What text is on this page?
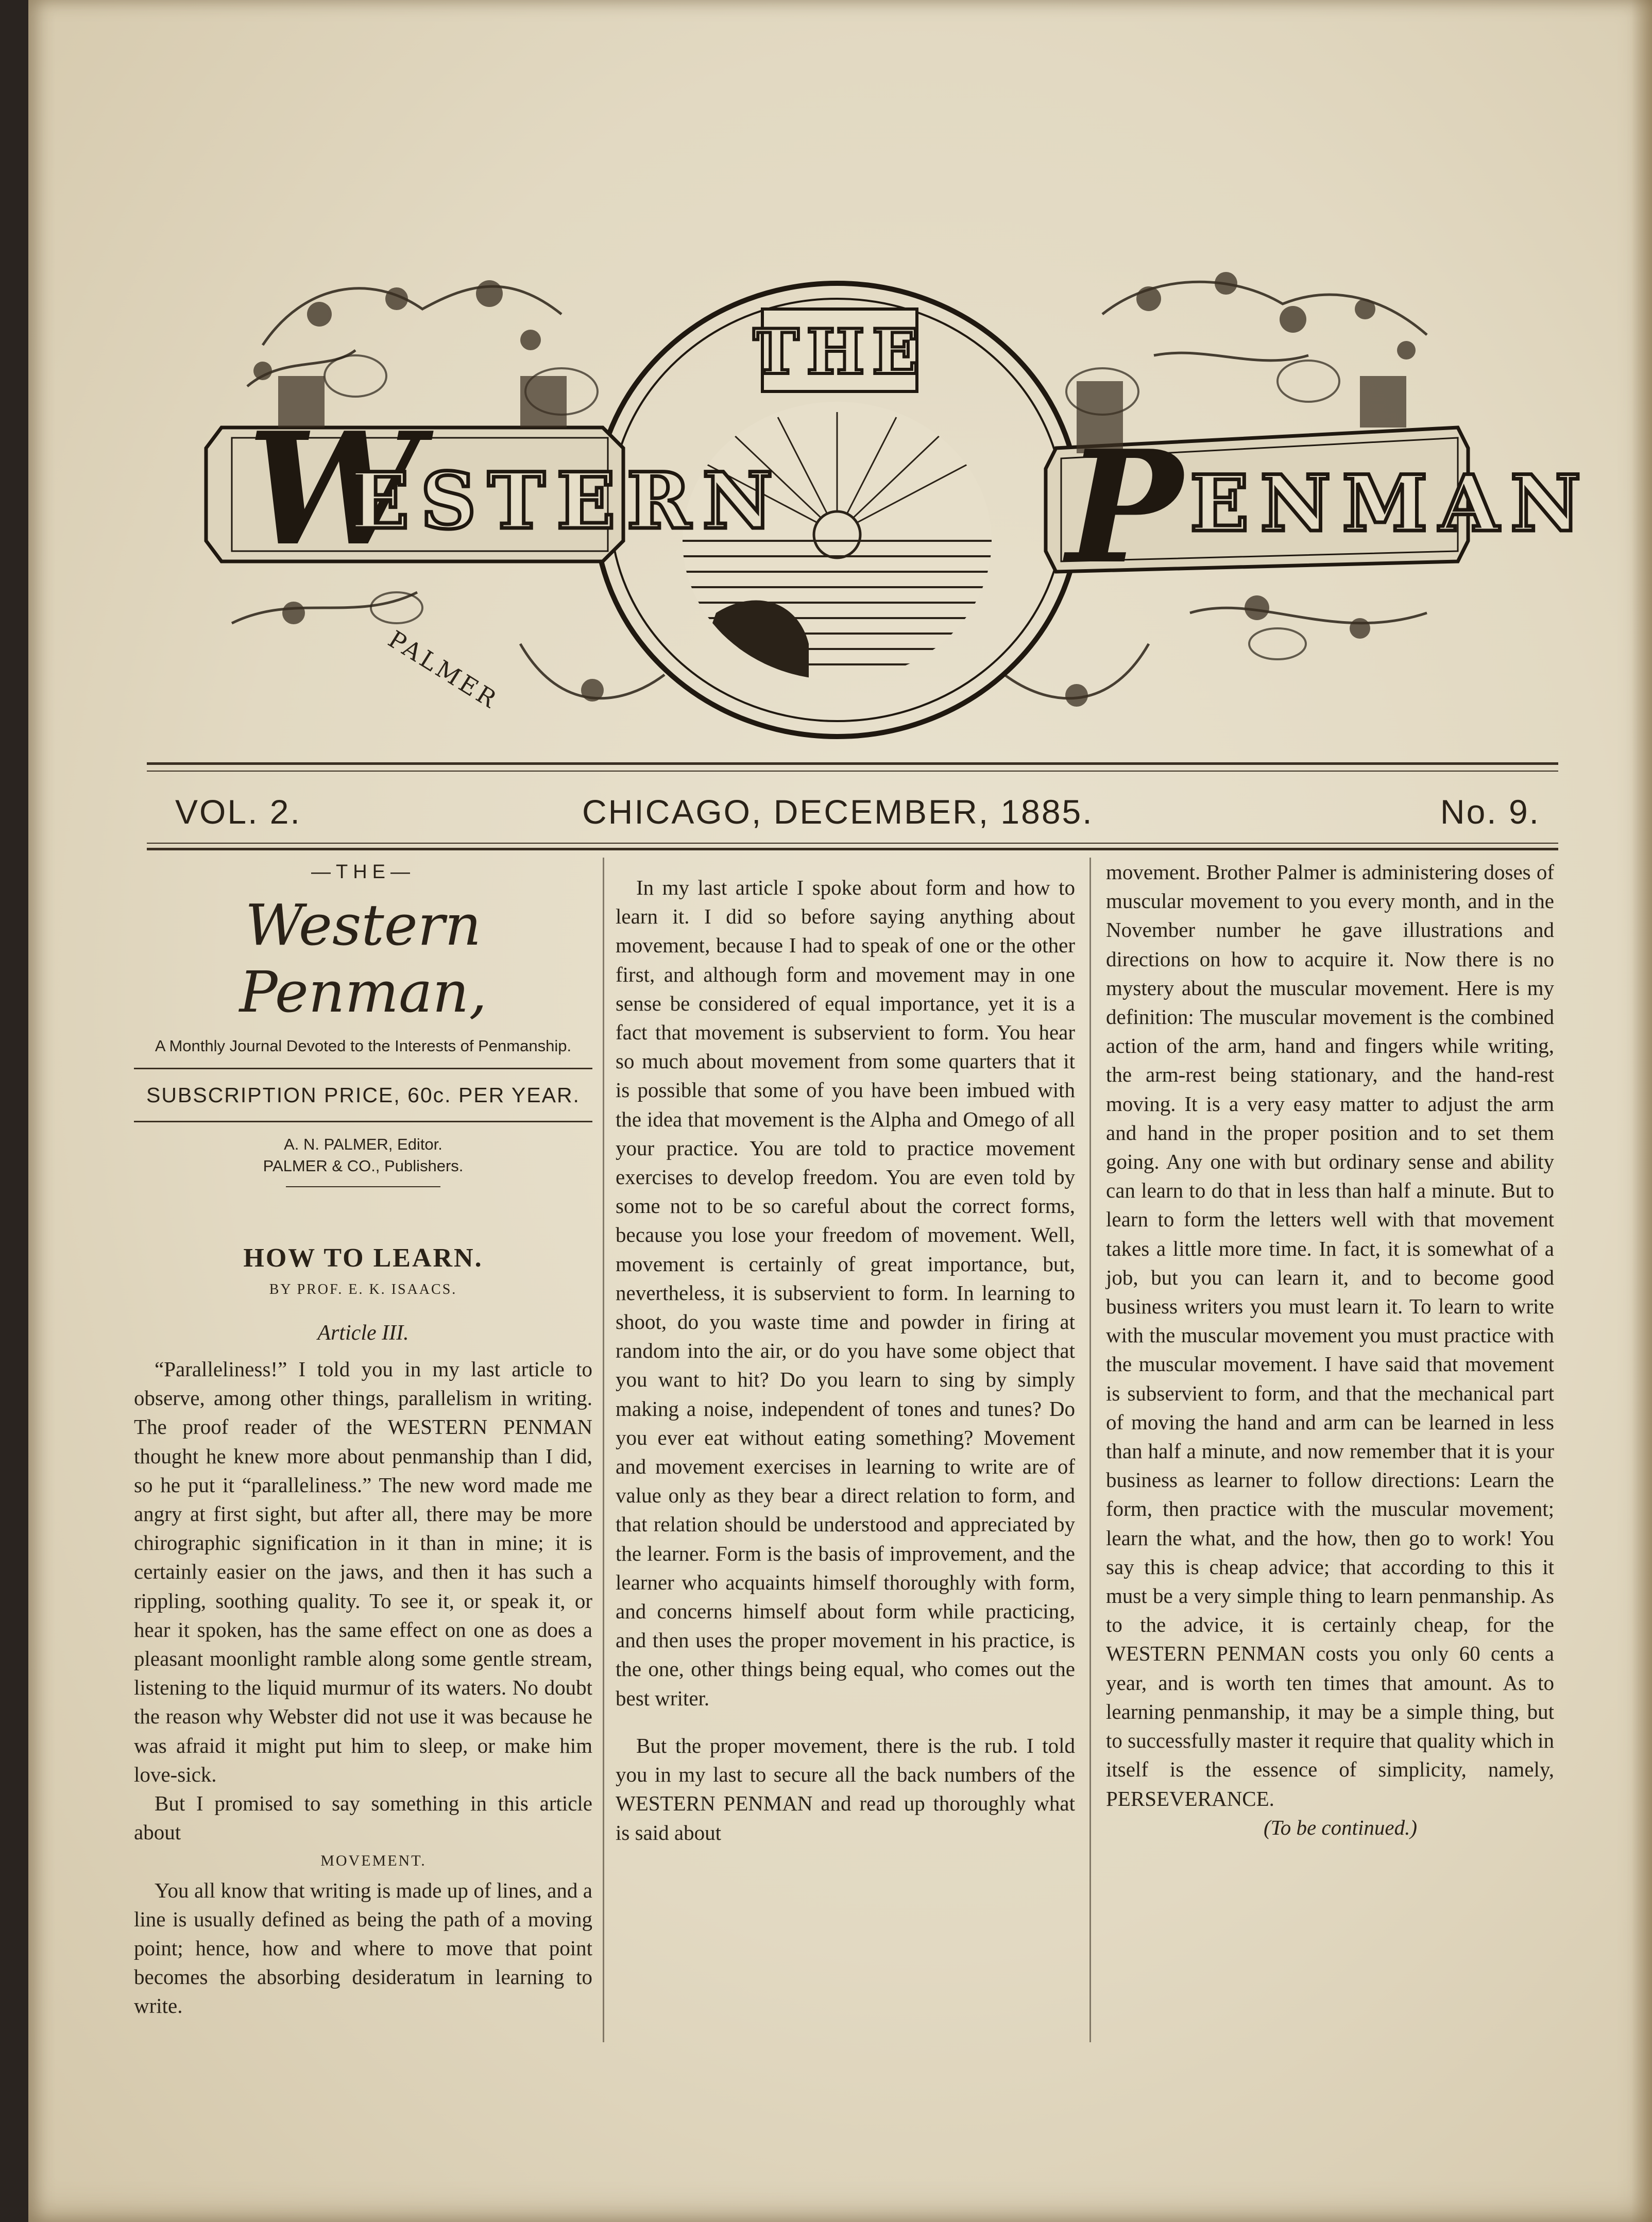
THE
W
ESTERN P ENMAN
PALMER
VOL. 2.	CHICAGO, DECEMBER, 1885.	No. 9.
—THE—
Western Penman,
A Monthly Journal Devoted to the Interests of Penmanship.
SUBSCRIPTION PRICE, 60c. PER YEAR.
A. N. PALMER, Editor.
PALMER & CO., Publishers.
HOW TO LEARN.
BY PROF. E. K. ISAACS.
Article III.

“Paralleliness!” I told you in my last article to observe, among other things, parallelism in writing. The proof reader of the WESTERN PENMAN thought he knew more about penmanship than I did, so he put it “paralleliness.” The new word made me angry at first sight, but after all, there may be more chirographic signification in it than in mine; it is certainly easier on the jaws, and then it has such a rippling, soothing quality. To see it, or speak it, or hear it spoken, has the same effect on one as does a pleasant moonlight ramble along some gentle stream, listening to the liquid murmur of its waters. No doubt the reason why Webster did not use it was because he was afraid it might put him to sleep, or make him love-sick.

But I promised to say something in this article about

MOVEMENT.

You all know that writing is made up of lines, and a line is usually defined as being the path of a moving point; hence, how and where to move that point becomes the absorbing desideratum in learning to write.

In my last article I spoke about form and how to learn it. I did so before saying anything about movement, because I had to speak of one or the other first, and although form and movement may in one sense be considered of equal importance, yet it is a fact that movement is subservient to form. You hear so much about movement from some quarters that it is possible that some of you have been imbued with the idea that movement is the Alpha and Omego of all your practice. You are told to practice movement exercises to develop freedom. You are even told by some not to be so careful about the correct forms, because you lose your freedom of movement. Well, movement is certainly of great importance, but, nevertheless, it is subservient to form. In learning to shoot, do you waste time and powder in firing at random into the air, or do you have some object that you want to hit? Do you learn to sing by simply making a noise, independent of tones and tunes? Do you ever eat without eating something? Movement and movement exercises in learning to write are of value only as they bear a direct relation to form, and that relation should be understood and appreciated by the learner. Form is the basis of improvement, and the learner who acquaints himself thoroughly with form, and concerns himself about form while practicing, and then uses the proper movement in his practice, is the one, other things being equal, who comes out the best writer.

But the proper movement, there is the rub. I told you in my last to secure all the back numbers of the WESTERN PENMAN and read up thoroughly what is said about

movement. Brother Palmer is administering doses of muscular movement to you every month, and in the November number he gave illustrations and directions on how to acquire it. Now there is no mystery about the muscular movement. Here is my definition: The muscular movement is the combined action of the arm, hand and fingers while writing, the arm-rest being stationary, and the hand-rest moving. It is a very easy matter to adjust the arm and hand in the proper position and to set them going. Any one with but ordinary sense and ability can learn to do that in less than half a minute. But to learn to form the letters well with that movement takes a little more time. In fact, it is somewhat of a job, but you can learn it, and to become good business writers you must learn it. To learn to write with the muscular movement you must practice with the muscular movement. I have said that movement is subservient to form, and that the mechanical part of moving the hand and arm can be learned in less than half a minute, and now remember that it is your business as learner to follow directions: Learn the form, then practice with the muscular movement; learn the what, and the how, then go to work! You say this is cheap advice; that according to this it must be a very simple thing to learn penmanship. As to the advice, it is certainly cheap, for the WESTERN PENMAN costs you only 60 cents a year, and is worth ten times that amount. As to learning penmanship, it may be a simple thing, but to successfully master it require that quality which in itself is the essence of simplicity, namely, PERSEVERANCE.

(To be continued.)
